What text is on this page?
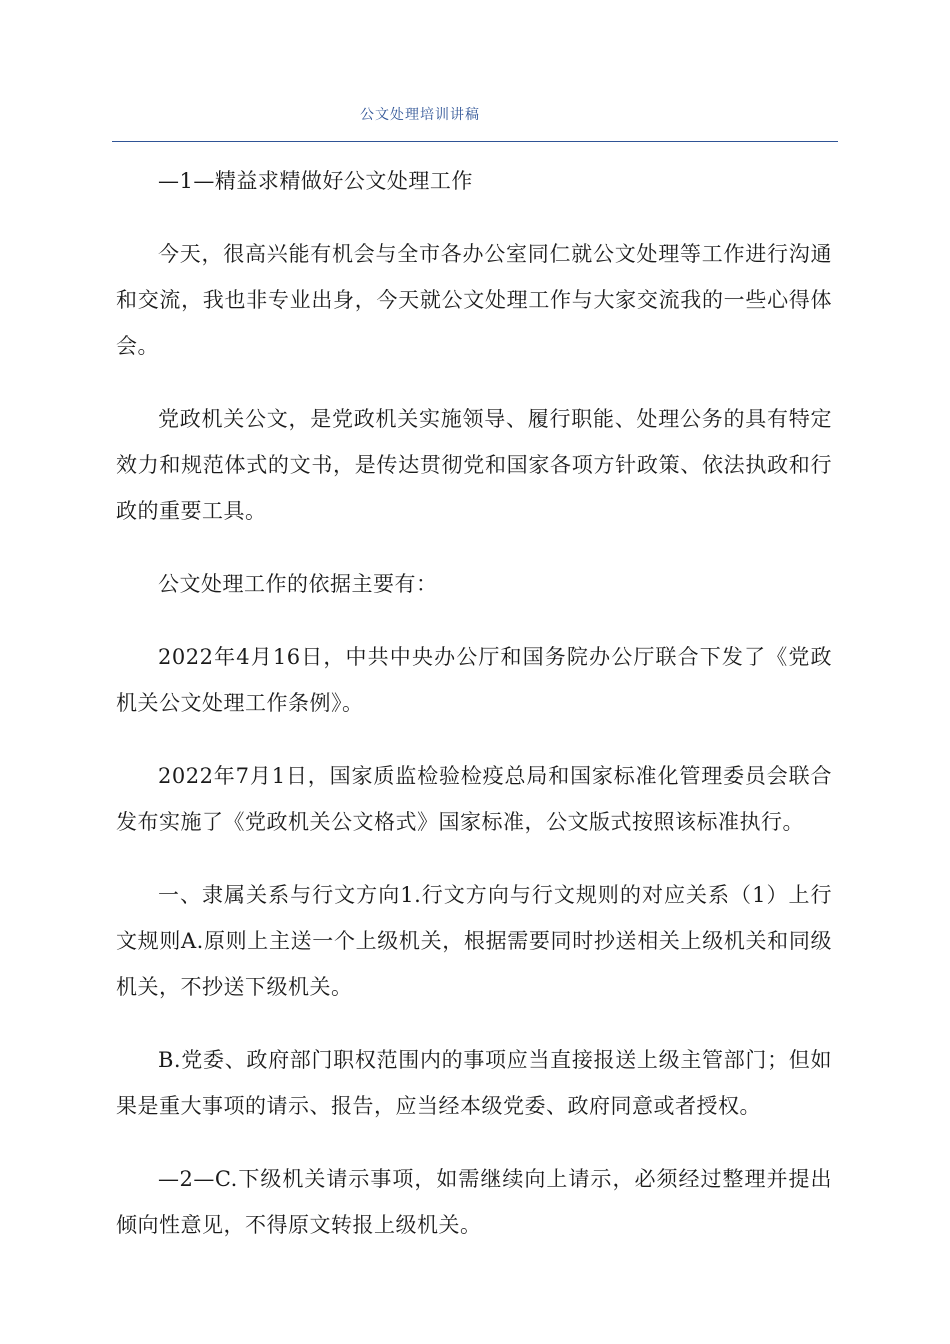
公文处理培训讲稿

—1—精益求精做好公文处理工作

今天，很高兴能有机会与全市各办公室同仁就公文处理等工作进行沟通和交流，我也非专业出身，今天就公文处理工作与大家交流我的一些心得体会。

党政机关公文，是党政机关实施领导、履行职能、处理公务的具有特定效力和规范体式的文书，是传达贯彻党和国家各项方针政策、依法执政和行政的重要工具。

公文处理工作的依据主要有：

2022年4月16日，中共中央办公厅和国务院办公厅联合下发了《党政机关公文处理工作条例》。

2022年7月1日，国家质监检验检疫总局和国家标准化管理委员会联合发布实施了《党政机关公文格式》国家标准，公文版式按照该标准执行。

一、隶属关系与行文方向1.行文方向与行文规则的对应关系（1）上行文规则A.原则上主送一个上级机关，根据需要同时抄送相关上级机关和同级机关，不抄送下级机关。

B.党委、政府部门职权范围内的事项应当直接报送上级主管部门；但如果是重大事项的请示、报告，应当经本级党委、政府同意或者授权。

—2—C.下级机关请示事项，如需继续向上请示，必须经过整理并提出倾向性意见，不得原文转报上级机关。
